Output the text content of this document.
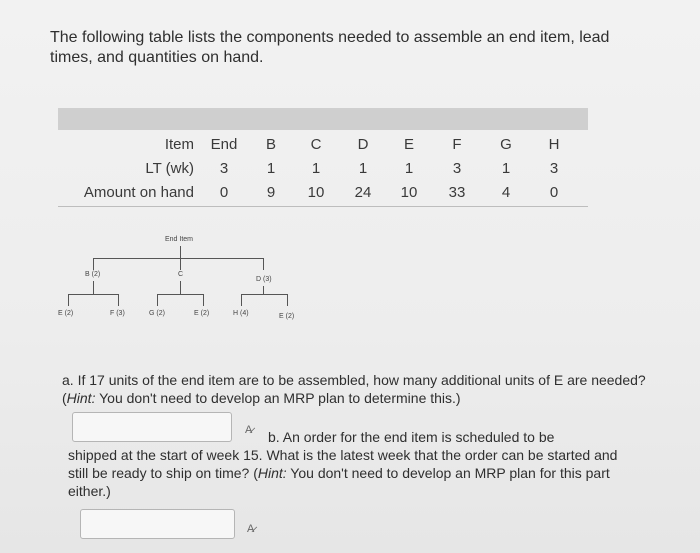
The following table lists the components needed to assemble an end item, lead times, and quantities on hand.
Item	End	B	C	D	E	F	G	H
LT (wk)	3	1	1	1	1	3	1	3
Amount on hand	0	9	10	24	10	33	4	0
End Item
B (2)	C
D (3)
E (2)	F (3)	G (2)	E (2)	H (4)	E (2)
a. If 17 units of the end item are to be assembled, how many additional units of E are needed? (Hint: You don't need to develop an MRP plan to determine this.)
A̷ b. An order for the end item is scheduled to be
shipped at the start of week 15. What is the latest week that the order can be started and still be ready to ship on time? (Hint: You don't need to develop an MRP plan for this part either.)
A̷
